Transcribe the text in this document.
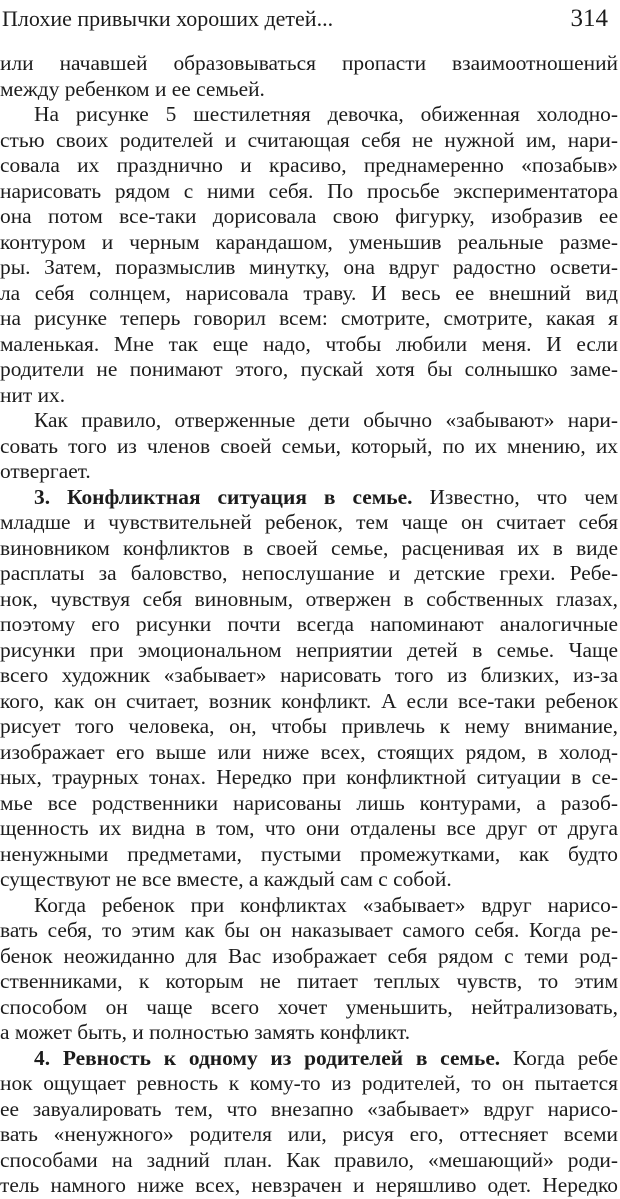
Плохие привычки хороших детей...	314
или начавшей образовываться пропасти взаимоотношений
между ребенком и ее семьей.
На рисунке 5 шестилетняя девочка, обиженная холодно-
стью своих родителей и считающая себя не нужной им, нари-
совала их празднично и красиво, преднамеренно «позабыв»
нарисовать рядом с ними себя. По просьбе экспериментатора
она потом все-таки дорисовала свою фигурку, изобразив ее
контуром и черным карандашом, уменьшив реальные разме-
ры. Затем, поразмыслив минутку, она вдруг радостно освети-
ла себя солнцем, нарисовала траву. И весь ее внешний вид
на рисунке теперь говорил всем: смотрите, смотрите, какая я
маленькая. Мне так еще надо, чтобы любили меня. И если
родители не понимают этого, пускай хотя бы солнышко заме-
нит их.
Как правило, отверженные дети обычно «забывают» нари-
совать того из членов своей семьи, который, по их мнению, их
отвергает.
3. Конфликтная ситуация в семье. Известно, что чем
младше и чувствительней ребенок, тем чаще он считает себя
виновником конфликтов в своей семье, расценивая их в виде
расплаты за баловство, непослушание и детские грехи. Ребе-
нок, чувствуя себя виновным, отвержен в собственных глазах,
поэтому его рисунки почти всегда напоминают аналогичные
рисунки при эмоциональном неприятии детей в семье. Чаще
всего художник «забывает» нарисовать того из близких, из-за
кого, как он считает, возник конфликт. А если все-таки ребенок
рисует того человека, он, чтобы привлечь к нему внимание,
изображает его выше или ниже всех, стоящих рядом, в холод-
ных, траурных тонах. Нередко при конфликтной ситуации в се-
мье все родственники нарисованы лишь контурами, а разоб-
щенность их видна в том, что они отдалены все друг от друга
ненужными предметами, пустыми промежутками, как будто
существуют не все вместе, а каждый сам с собой.
Когда ребенок при конфликтах «забывает» вдруг нарисо-
вать себя, то этим как бы он наказывает самого себя. Когда ре-
бенок неожиданно для Вас изображает себя рядом с теми род-
ственниками, к которым не питает теплых чувств, то этим
способом он чаще всего хочет уменьшить, нейтрализовать,
а может быть, и полностью замять конфликт.
4. Ревность к одному из родителей в семье. Когда ребе
нок ощущает ревность к кому-то из родителей, то он пытается
ее завуалировать тем, что внезапно «забывает» вдруг нарисо-
вать «ненужного» родителя или, рисуя его, оттесняет всеми
способами на задний план. Как правило, «мешающий» роди-
тель намного ниже всех, невзрачен и неряшливо одет. Нередко
